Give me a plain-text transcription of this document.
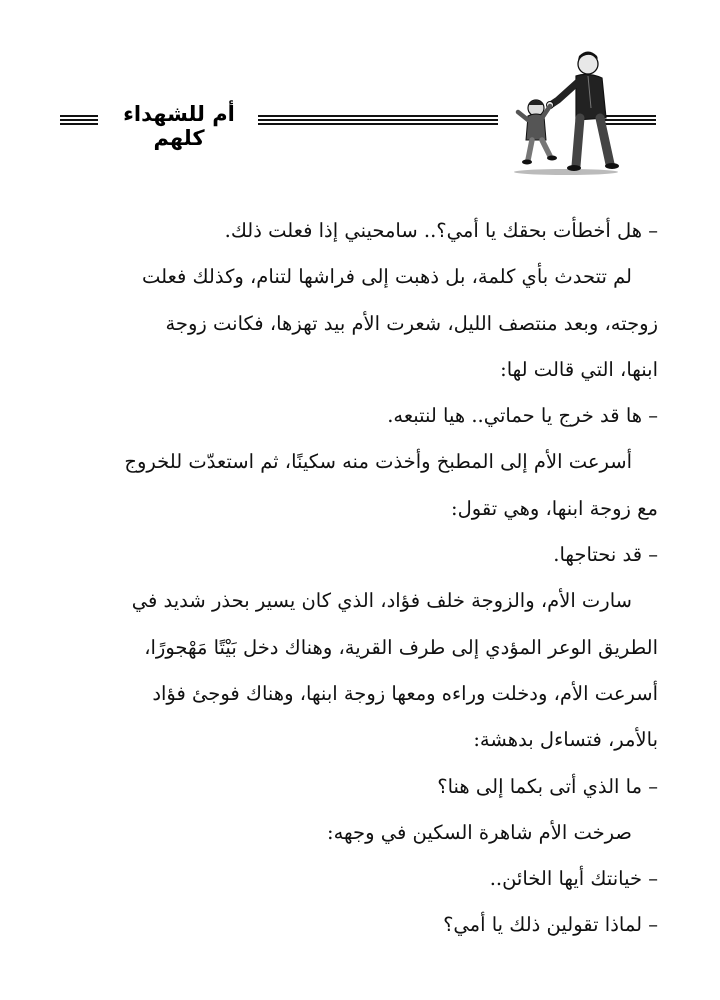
أم للشهداء كلهم
– هل أخطأت بحقك يا أمي؟.. سامحيني إذا فعلت ذلك.
لم تتحدث بأي كلمة، بل ذهبت إلى فراشها لتنام، وكذلك فعلت
زوجته، وبعد منتصف الليل، شعرت الأم بيد تهزها، فكانت زوجة
ابنها، التي قالت لها:
– ها قد خرج يا حماتي.. هيا لنتبعه.
أسرعت الأم إلى المطبخ وأخذت منه سكينًا، ثم استعدّت للخروج
مع زوجة ابنها، وهي تقول:
– قد نحتاجها.
سارت الأم، والزوجة خلف فؤاد، الذي كان يسير بحذر شديد في
الطريق الوعر المؤدي إلى طرف القرية، وهناك دخل بَيْتًا مَهْجورًا،
أسرعت الأم، ودخلت وراءه ومعها زوجة ابنها، وهناك فوجئ فؤاد
بالأمر، فتساءل بدهشة:
– ما الذي أتى بكما إلى هنا؟
صرخت الأم شاهرة السكين في وجهه:
– خيانتك أيها الخائن..
– لماذا تقولين ذلك يا أمي؟
